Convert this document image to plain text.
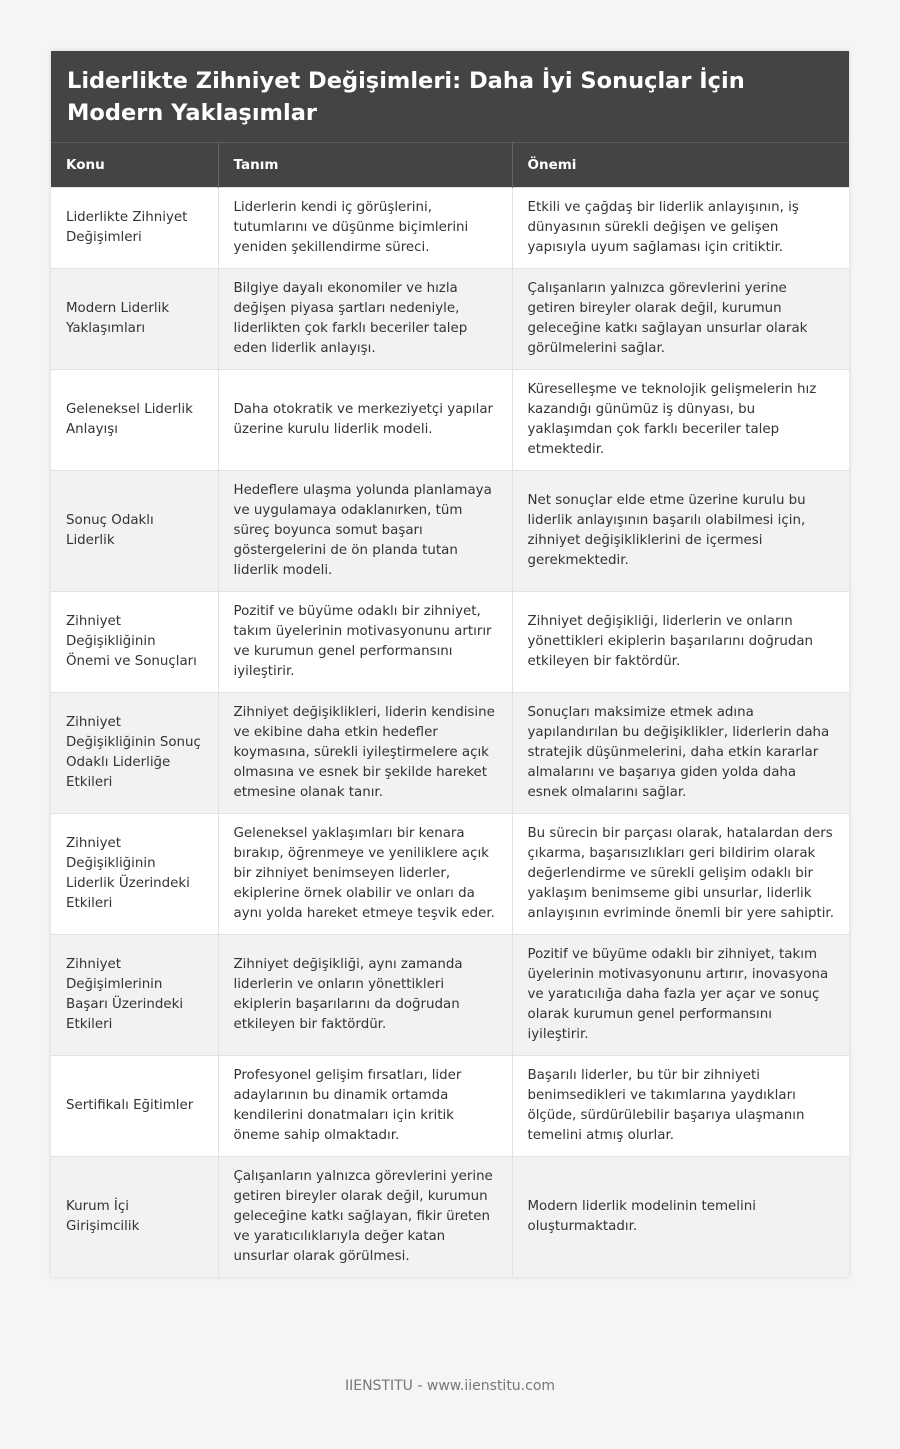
Liderlikte Zihniyet Değişimleri: Daha İyi Sonuçlar İçin Modern Yaklaşımlar
Konu	Tanım	Önemi
Liderlikte Zihniyet Değişimleri	Liderlerin kendi iç görüşlerini, tutumlarını ve düşünme biçimlerini yeniden şekillendirme süreci.	Etkili ve çağdaş bir liderlik anlayışının, iş dünyasının sürekli değişen ve gelişen yapısıyla uyum sağlaması için critiktir.
Modern Liderlik Yaklaşımları	Bilgiye dayalı ekonomiler ve hızla değişen piyasa şartları nedeniyle, liderlikten çok farklı beceriler talep eden liderlik anlayışı.	Çalışanların yalnızca görevlerini yerine getiren bireyler olarak değil, kurumun geleceğine katkı sağlayan unsurlar olarak görülmelerini sağlar.
Geleneksel Liderlik Anlayışı	Daha otokratik ve merkeziyetçi yapılar üzerine kurulu liderlik modeli.	Küreselleşme ve teknolojik gelişmelerin hız kazandığı günümüz iş dünyası, bu yaklaşımdan çok farklı beceriler talep etmektedir.
Sonuç Odaklı Liderlik	Hedeflere ulaşma yolunda planlamaya ve uygulamaya odaklanırken, tüm süreç boyunca somut başarı göstergelerini de ön planda tutan liderlik modeli.	Net sonuçlar elde etme üzerine kurulu bu liderlik anlayışının başarılı olabilmesi için, zihniyet değişikliklerini de içermesi gerekmektedir.
Zihniyet Değişikliğinin Önemi ve Sonuçları	Pozitif ve büyüme odaklı bir zihniyet, takım üyelerinin motivasyonunu artırır ve kurumun genel performansını iyileştirir.	Zihniyet değişikliği, liderlerin ve onların yönettikleri ekiplerin başarılarını doğrudan etkileyen bir faktördür.
Zihniyet Değişikliğinin Sonuç Odaklı Liderliğe Etkileri	Zihniyet değişiklikleri, liderin kendisine ve ekibine daha etkin hedefler koymasına, sürekli iyileştirmelere açık olmasına ve esnek bir şekilde hareket etmesine olanak tanır.	Sonuçları maksimize etmek adına yapılandırılan bu değişiklikler, liderlerin daha stratejik düşünmelerini, daha etkin kararlar almalarını ve başarıya giden yolda daha esnek olmalarını sağlar.
Zihniyet Değişikliğinin Liderlik Üzerindeki Etkileri	Geleneksel yaklaşımları bir kenara bırakıp, öğrenmeye ve yeniliklere açık bir zihniyet benimseyen liderler, ekiplerine örnek olabilir ve onları da aynı yolda hareket etmeye teşvik eder.	Bu sürecin bir parçası olarak, hatalardan ders çıkarma, başarısızlıkları geri bildirim olarak değerlendirme ve sürekli gelişim odaklı bir yaklaşım benimseme gibi unsurlar, liderlik anlayışının evriminde önemli bir yere sahiptir.
Zihniyet Değişimlerinin Başarı Üzerindeki Etkileri	Zihniyet değişikliği, aynı zamanda liderlerin ve onların yönettikleri ekiplerin başarılarını da doğrudan etkileyen bir faktördür.	Pozitif ve büyüme odaklı bir zihniyet, takım üyelerinin motivasyonunu artırır, inovasyona ve yaratıcılığa daha fazla yer açar ve sonuç olarak kurumun genel performansını iyileştirir.
Sertifikalı Eğitimler	Profesyonel gelişim fırsatları, lider adaylarının bu dinamik ortamda kendilerini donatmaları için kritik öneme sahip olmaktadır.	Başarılı liderler, bu tür bir zihniyeti benimsedikleri ve takımlarına yaydıkları ölçüde, sürdürülebilir başarıya ulaşmanın temelini atmış olurlar.
Kurum İçi Girişimcilik	Çalışanların yalnızca görevlerini yerine getiren bireyler olarak değil, kurumun geleceğine katkı sağlayan, fikir üreten ve yaratıcılıklarıyla değer katan unsurlar olarak görülmesi.	Modern liderlik modelinin temelini oluşturmaktadır.
IIENSTITU - www.iienstitu.com
